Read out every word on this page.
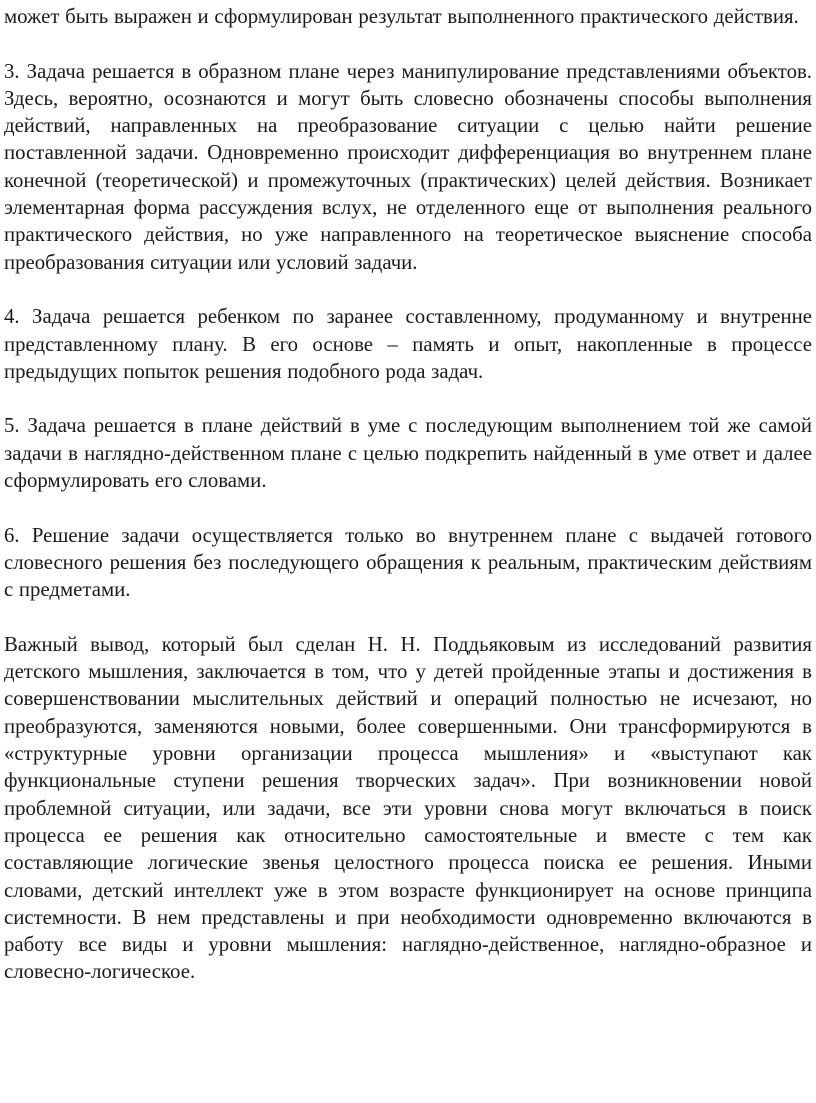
может быть выражен и сформулирован результат выполненного практического действия.

3. Задача решается в образном плане через манипулирование представлениями объектов. Здесь, вероятно, осознаются и могут быть словесно обозначены способы выполнения действий, направленных на преобразование ситуации с целью найти решение поставленной задачи. Одновременно происходит дифференциация во внутреннем плане конечной (теоретической) и промежуточных (практических) целей действия. Возникает элементарная форма рассуждения вслух, не отделенного еще от выполнения реального практического действия, но уже направленного на теоретическое выяснение способа преобразования ситуации или условий задачи.

4. Задача решается ребенком по заранее составленному, продуманному и внутренне представленному плану. В его основе – память и опыт, накопленные в процессе предыдущих попыток решения подобного рода задач.

5. Задача решается в плане действий в уме с последующим выполнением той же самой задачи в наглядно-действенном плане с целью подкрепить найденный в уме ответ и далее сформулировать его словами.

6. Решение задачи осуществляется только во внутреннем плане с выдачей готового словесного решения без последующего обращения к реальным, практическим действиям с предметами.

Важный вывод, который был сделан Н. Н. Поддьяковым из исследований развития детского мышления, заключается в том, что у детей пройденные этапы и достижения в совершенствовании мыслительных действий и операций полностью не исчезают, но преобразуются, заменяются новыми, более совершенными. Они трансформируются в «структурные уровни организации процесса мышления» и «выступают как функциональные ступени решения творческих задач». При возникновении новой проблемной ситуации, или задачи, все эти уровни снова могут включаться в поиск процесса ее решения как относительно самостоятельные и вместе с тем как составляющие логические звенья целостного процесса поиска ее решения. Иными словами, детский интеллект уже в этом возрасте функционирует на основе принципа системности. В нем представлены и при необходимости одновременно включаются в работу все виды и уровни мышления: наглядно-действенное, наглядно-образное и словесно-логическое.
